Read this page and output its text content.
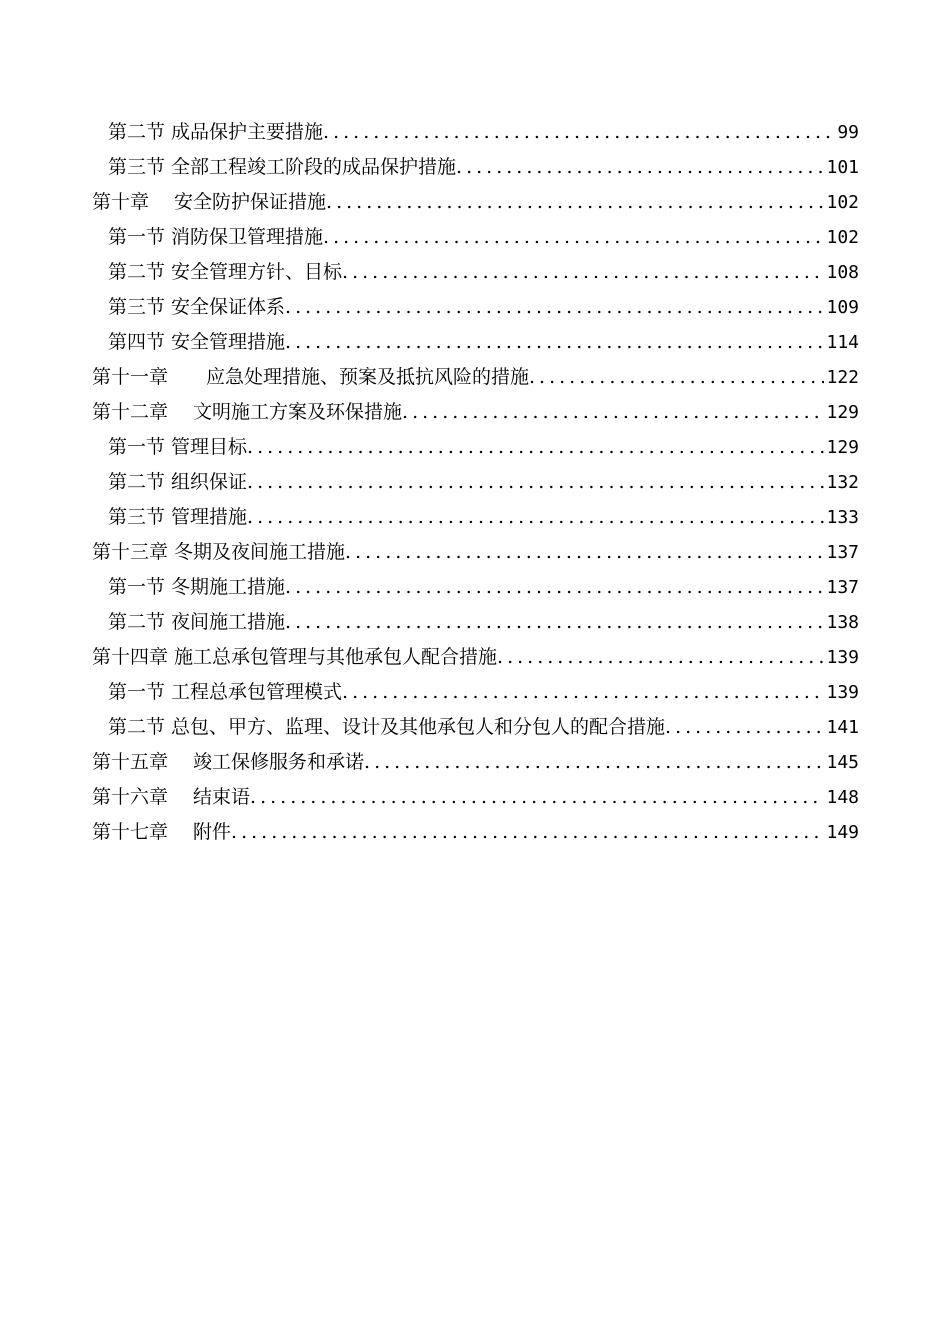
第二节 成品保护主要措施 .....	99
第三节 全部工程竣工阶段的成品保护措施 .....	101
第十章　 安全防护保证措施 .....	102
第一节 消防保卫管理措施 .....	102
第二节 安全管理方针、目标 .....	108
第三节 安全保证体系 .....	109
第四节 安全管理措施 .....	114
第十一章　　应急处理措施、预案及抵抗风险的措施 .....	122
第十二章　 文明施工方案及环保措施 .....	129
第一节 管理目标 .....	129
第二节 组织保证 .....	132
第三节 管理措施 .....	133
第十三章 冬期及夜间施工措施 .....	137
第一节 冬期施工措施 .....	137
第二节 夜间施工措施 .....	138
第十四章 施工总承包管理与其他承包人配合措施 .....	139
第一节 工程总承包管理模式 .....	139
第二节 总包、甲方、监理、设计及其他承包人和分包人的配合措施 .....	141
第十五章　 竣工保修服务和承诺 .....	145
第十六章　 结束语 .....	148
第十七章　 附件 .....	149
